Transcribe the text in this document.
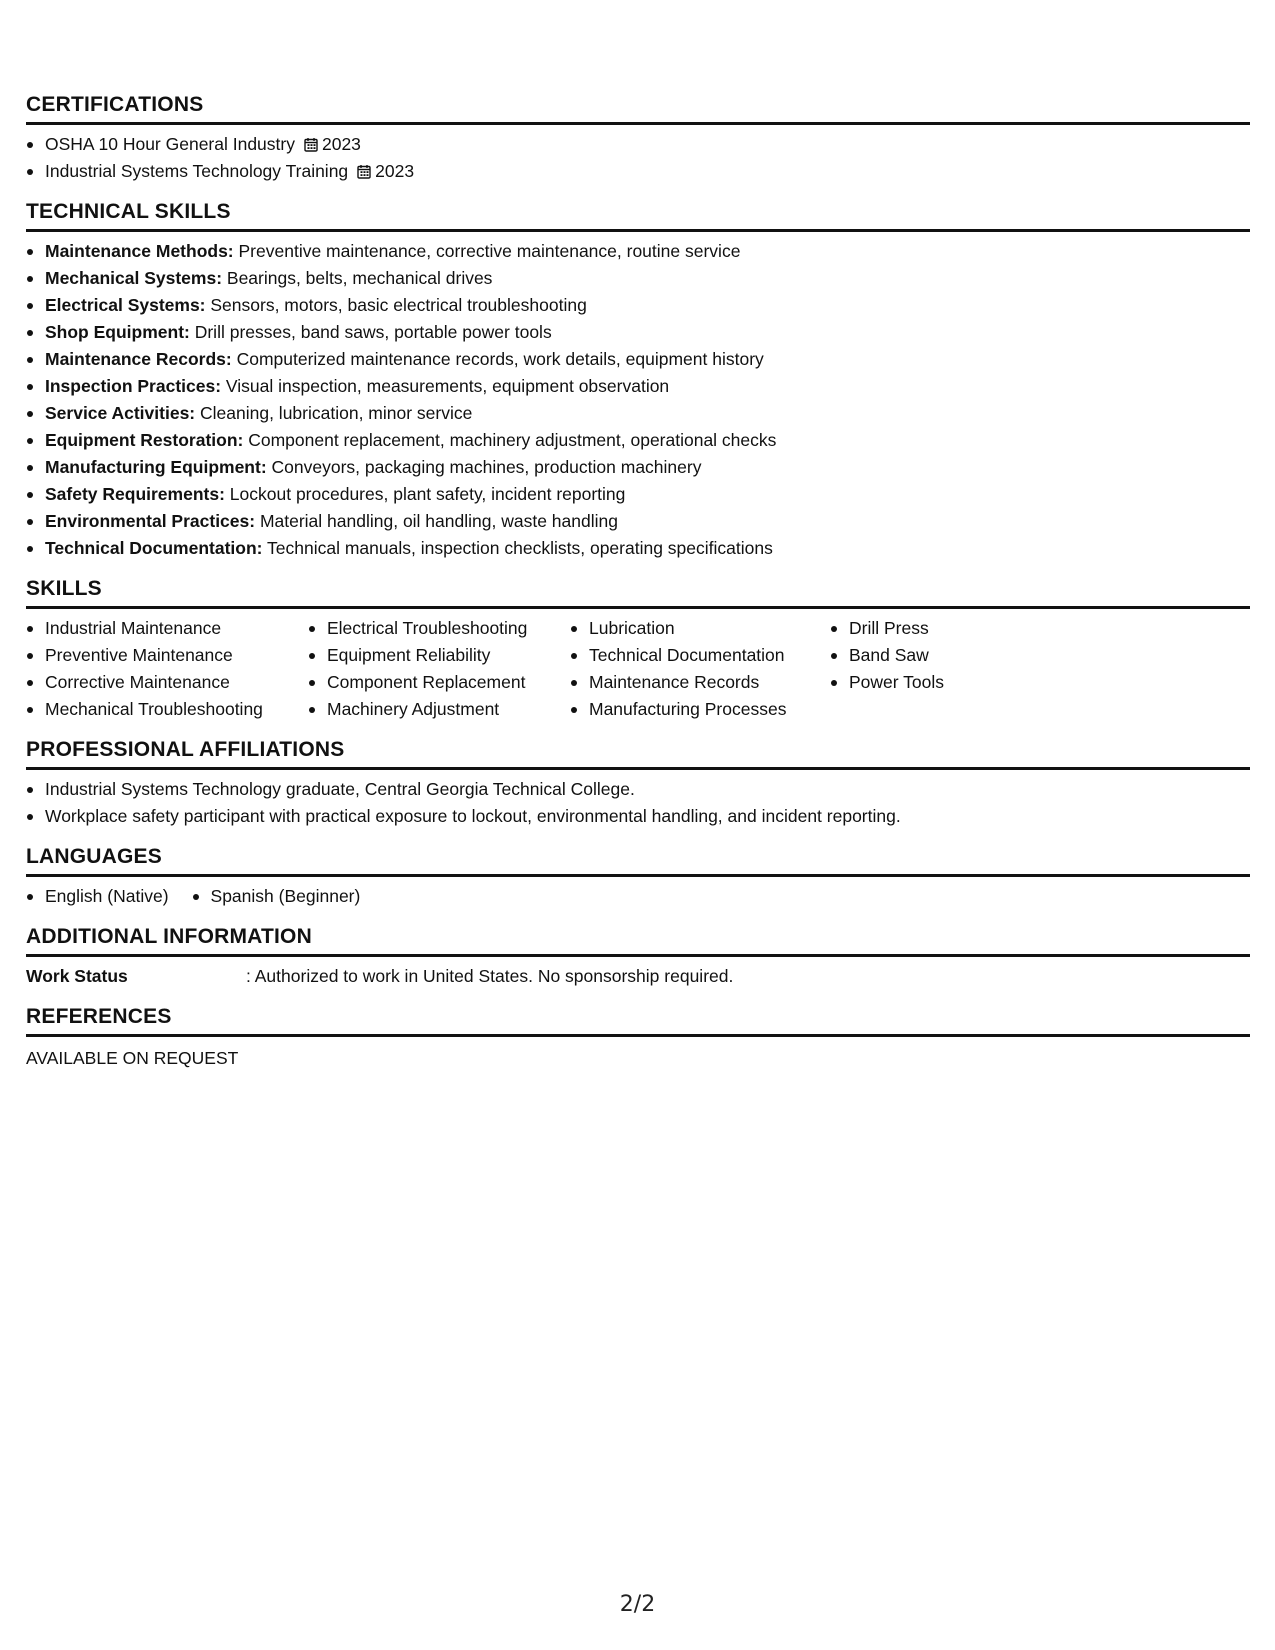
CERTIFICATIONS
OSHA 10 Hour General Industry 2023
Industrial Systems Technology Training 2023
TECHNICAL SKILLS
Maintenance Methods: Preventive maintenance, corrective maintenance, routine service
Mechanical Systems: Bearings, belts, mechanical drives
Electrical Systems: Sensors, motors, basic electrical troubleshooting
Shop Equipment: Drill presses, band saws, portable power tools
Maintenance Records: Computerized maintenance records, work details, equipment history
Inspection Practices: Visual inspection, measurements, equipment observation
Service Activities: Cleaning, lubrication, minor service
Equipment Restoration: Component replacement, machinery adjustment, operational checks
Manufacturing Equipment: Conveyors, packaging machines, production machinery
Safety Requirements: Lockout procedures, plant safety, incident reporting
Environmental Practices: Material handling, oil handling, waste handling
Technical Documentation: Technical manuals, inspection checklists, operating specifications
SKILLS
Industrial Maintenance
Preventive Maintenance
Corrective Maintenance
Mechanical Troubleshooting
Electrical Troubleshooting
Equipment Reliability
Component Replacement
Machinery Adjustment
Lubrication
Technical Documentation
Maintenance Records
Manufacturing Processes
Drill Press
Band Saw
Power Tools
PROFESSIONAL AFFILIATIONS
Industrial Systems Technology graduate, Central Georgia Technical College.
Workplace safety participant with practical exposure to lockout, environmental handling, and incident reporting.
LANGUAGES
English (Native)	Spanish (Beginner)
ADDITIONAL INFORMATION
Work Status	: Authorized to work in United States. No sponsorship required.
REFERENCES
AVAILABLE ON REQUEST
2/2
